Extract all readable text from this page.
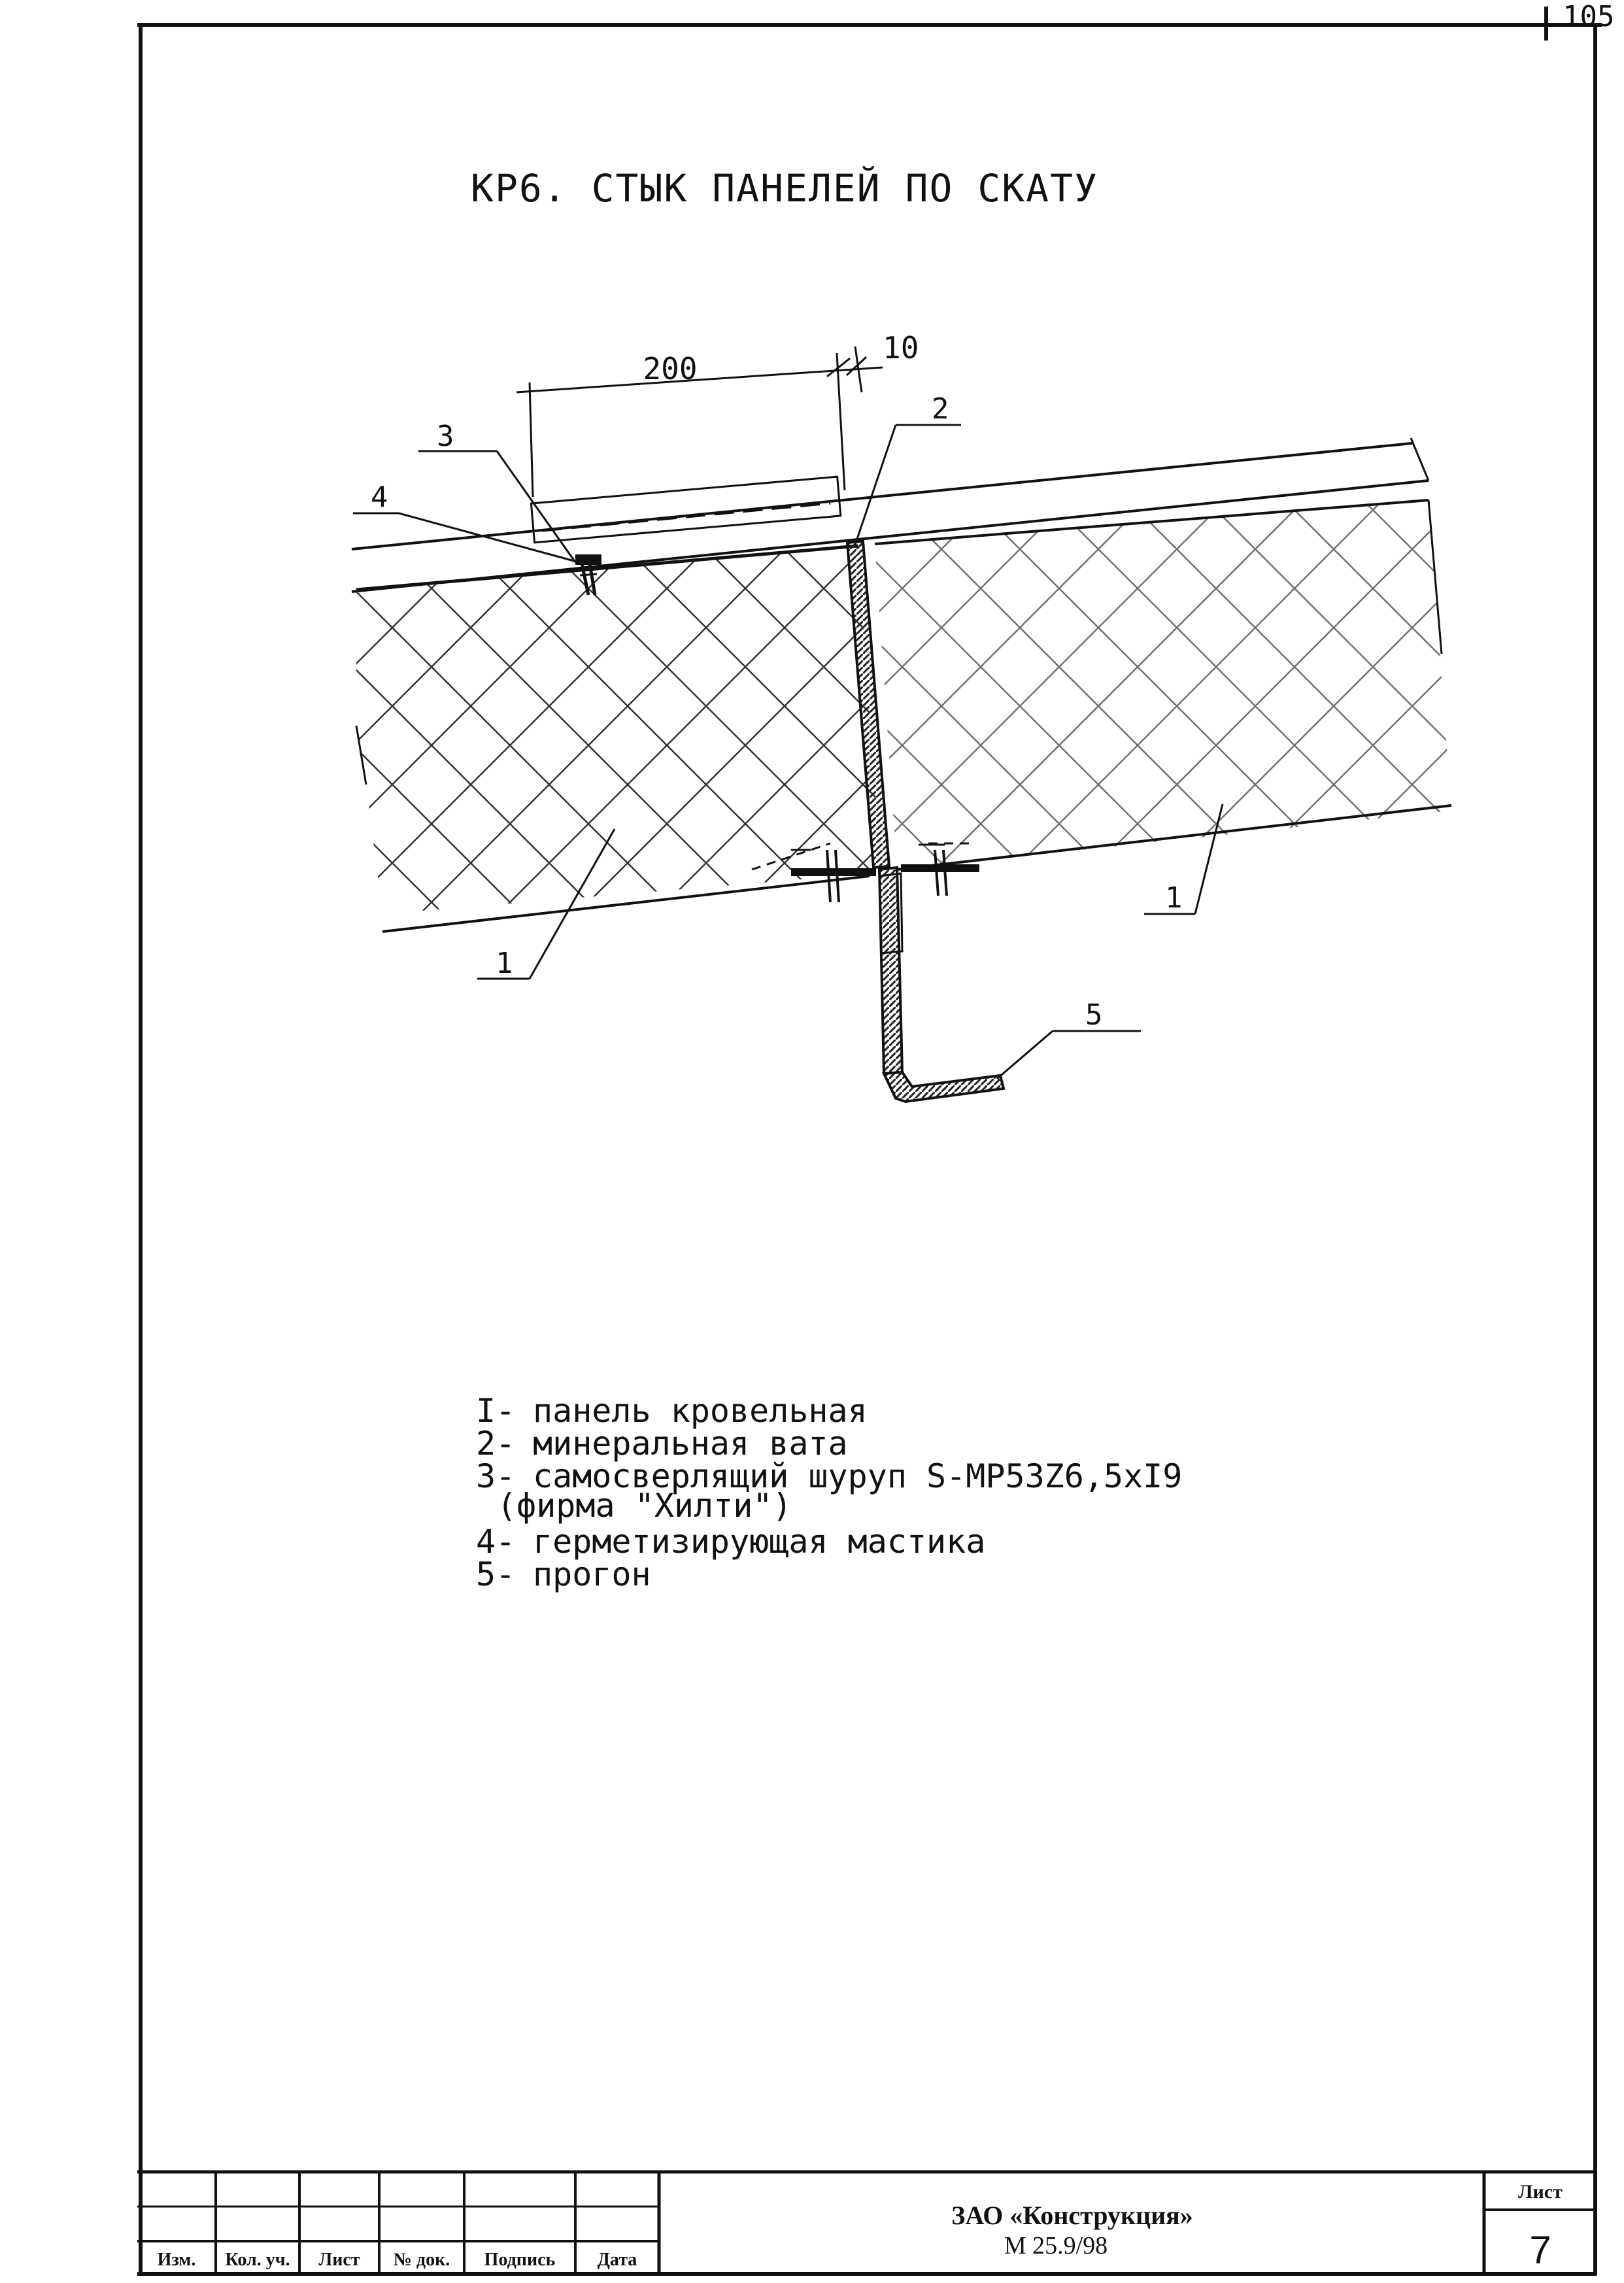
105
КР6. СТЫК ПАНЕЛЕЙ ПО СКАТУ
200
10
3
4
2
5
1
1
I- панель кровельная
2- минеральная вата
3- самосверлящий шуруп S-MP53Z6,5xI9
(фирма "Хилти")
4- герметизирующая мастика
5- прогон
Изм. Кол. уч. Лист № док. Подпись Дата
ЗАО «Конструкция»
М 25.9/98
Лист
7
